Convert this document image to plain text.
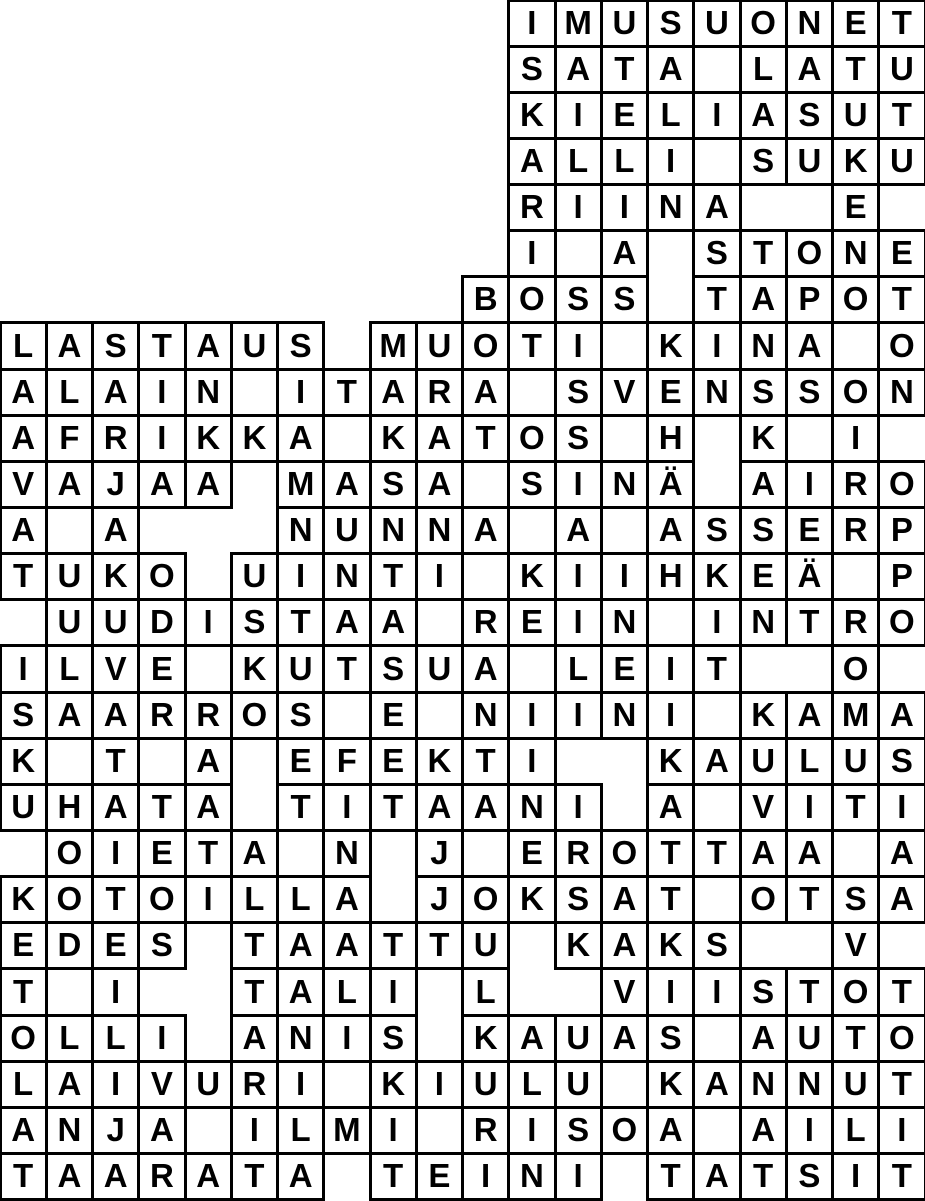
I M U S U O N E T
S A T A L A T U
K I E L I A S U T
A L L I S U K U
R I I N A	E
I A S T O N E
B O S S T A P O T
L A S T A U S M U O T I K I N A O
A L A I N I T A R A S V E N S S O N
A F R I K K A K A T O S H K I
V A J A A M A S A S I N Ä A I R O
A A	N U N N A A A S S E R P
T U K O U I N T I K I I H K E Ä P
U U D I S T A A R E I N I N T R O
I L V E K U T S U A L E I T	O
S A A R R O S E N I I N I K A M A
K T A E F E K T I	K A U L U S
U H A T A T I T A A N I A V I T I
O I E T A N J E R O T T A A A
K O T O I L L A J O K S A T O T S A
E D E S T A A T T U K A K S	V
T I	T A L I L	V I I S T O T
O L L I A N I S K A U A S A U T O
L A I V U R I K I U L U K A N N U T
A N J A I L M I R I S O A A I L I
T A A R A T A T E I N I T A T S I T
